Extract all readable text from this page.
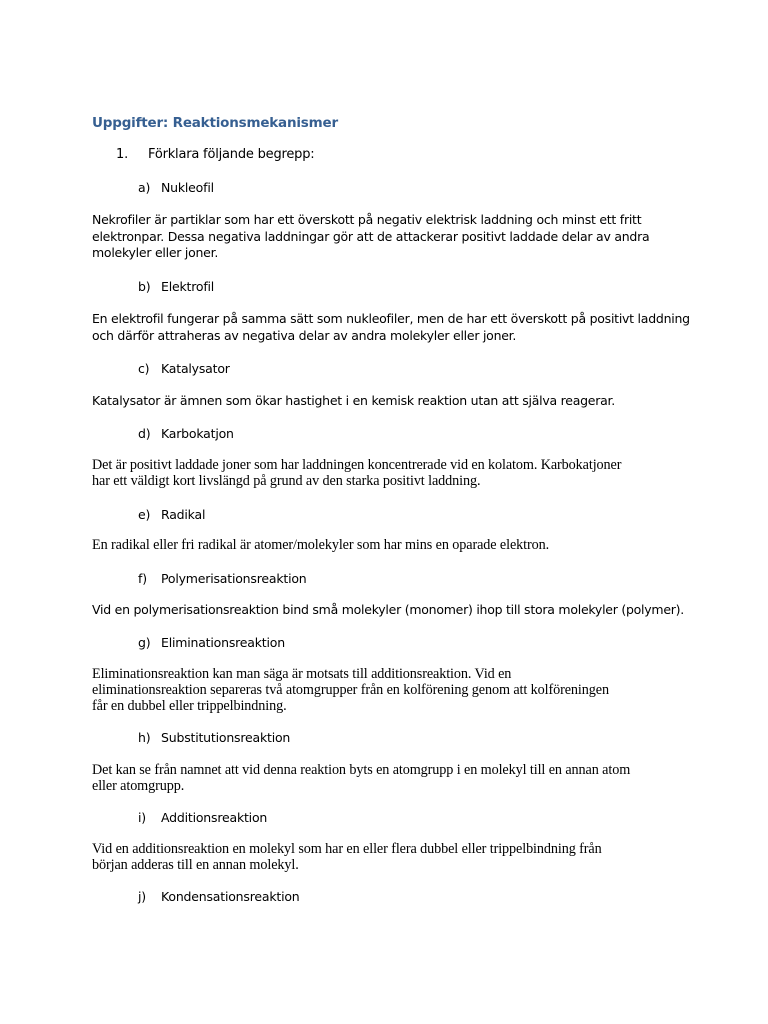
Uppgifter: Reaktionsmekanismer
1. Förklara följande begrepp:
a) Nukleofil

Nekrofiler är partiklar som har ett överskott på negativ elektrisk laddning och minst ett fritt
elektronpar. Dessa negativa laddningar gör att de attackerar positivt laddade delar av andra
molekyler eller joner.

b) Elektrofil

En elektrofil fungerar på samma sätt som nukleofiler, men de har ett överskott på positivt laddning
och därför attraheras av negativa delar av andra molekyler eller joner.

c) Katalysator

Katalysator är ämnen som ökar hastighet i en kemisk reaktion utan att själva reagerar.

d) Karbokatjon

Det är positivt laddade joner som har laddningen koncentrerade vid en kolatom. Karbokatjoner
har ett väldigt kort livslängd på grund av den starka positivt laddning.

e) Radikal

En radikal eller fri radikal är atomer/molekyler som har mins en oparade elektron.

f) Polymerisationsreaktion

Vid en polymerisationsreaktion bind små molekyler (monomer) ihop till stora molekyler (polymer).

g) Eliminationsreaktion

Eliminationsreaktion kan man säga är motsats till additionsreaktion. Vid en
eliminationsreaktion separeras två atomgrupper från en kolförening genom att kolföreningen
får en dubbel eller trippelbindning.

h) Substitutionsreaktion

Det kan se från namnet att vid denna reaktion byts en atomgrupp i en molekyl till en annan atom
eller atomgrupp.

i) Additionsreaktion

Vid en additionsreaktion en molekyl som har en eller flera dubbel eller trippelbindning från
början adderas till en annan molekyl.

j) Kondensationsreaktion
